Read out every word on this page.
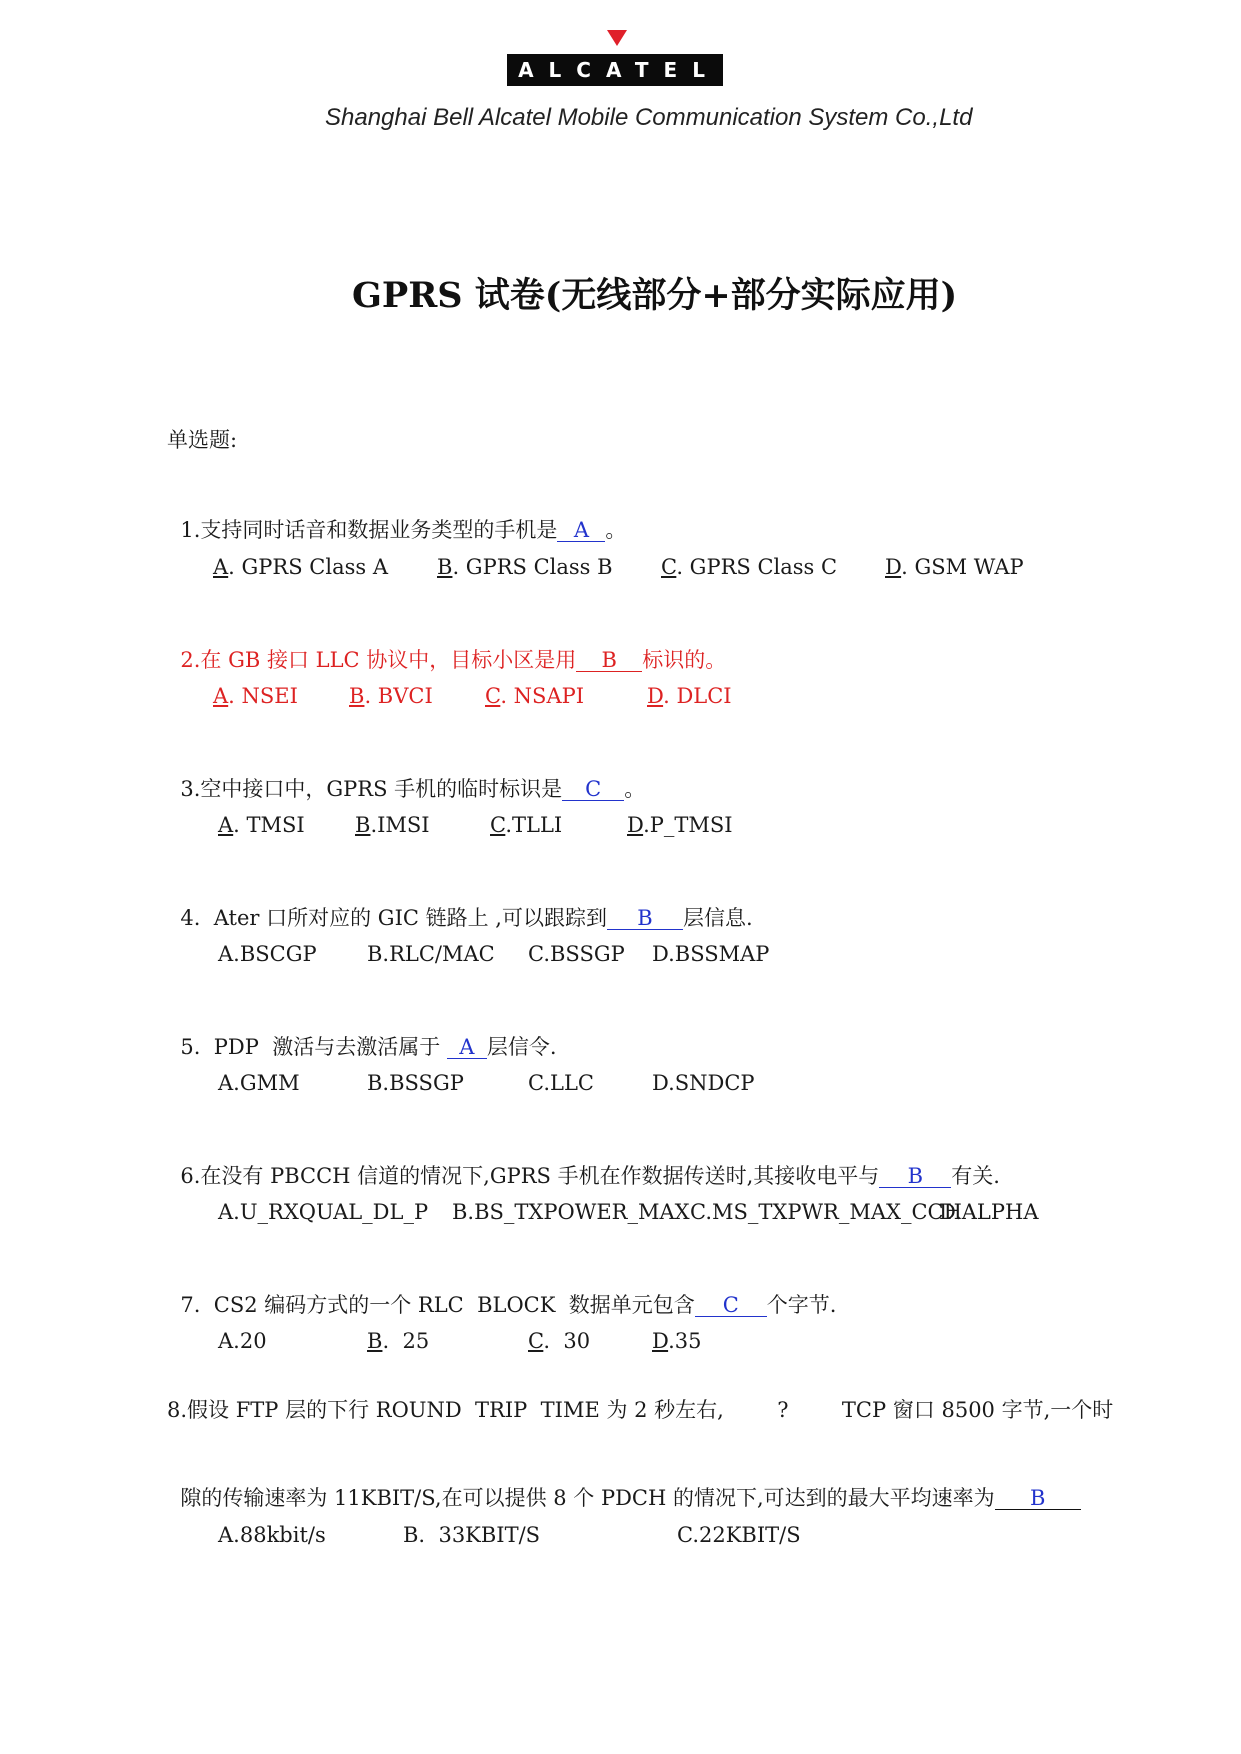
ALCATEL
Shanghai Bell Alcatel Mobile Communication System Co.,Ltd
GPRS 试卷(无线部分+部分实际应用)
单选题:

1.支持同时话音和数据业务类型的手机是 A 。

A. GPRS Class A B. GPRS Class B C. GPRS Class C D. GSM WAP

2.在 GB 接口 LLC 协议中，目标小区是用 B 标识的。

A. NSEI B. BVCI C. NSAPI	D. DLCI

3.空中接口中，GPRS 手机的临时标识是 C 。

A. TMSI B.IMSI	C.TLLI	D.P_TMSI

4.  Ater 口所对应的 GIC 链路上 ,可以跟踪到 B 层信息.

A.BSCGP B.RLC/MAC C.BSSGP D.BSSMAP

5.  PDP  激活与去激活属于 A 层信令.

A.GMM	B.BSSGP	C.LLC	D.SNDCP

6.在没有 PBCCH 信道的情况下,GPRS 手机在作数据传送时,其接收电平与 B 有关.

A.U_RXQUAL_DL_P B.BS_TXPOWER_MAX C.MS_TXPWR_MAX_CCH
D.ALPHA

7.  CS2 编码方式的一个 RLC  BLOCK  数据单元包含 C 个字节.

A.20	B.  25	C.  30	D.35
8.假设 FTP 层的下行 ROUND  TRIP  TIME 为 2 秒左右,        ?        TCP 窗口 8500 字节,一个时

隙的传输速率为 11KBIT/S,在可以提供 8 个 PDCH 的情况下,可达到的最大平均速率为 B

A.88kbit/s	B.  33KBIT/S	C.22KBIT/S
